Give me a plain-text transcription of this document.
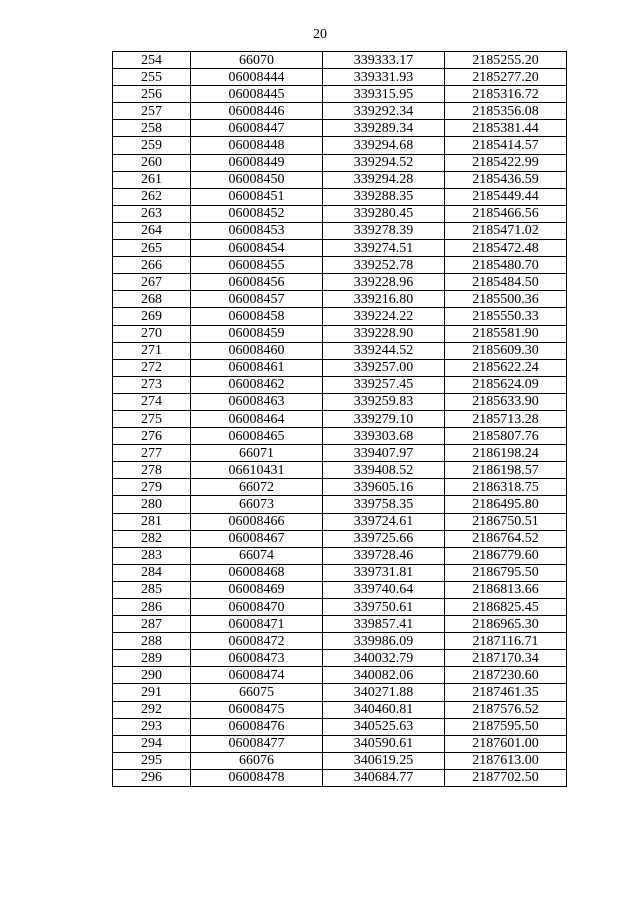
20
254	66070	339333.17	2185255.20
255	06008444	339331.93	2185277.20
256	06008445	339315.95	2185316.72
257	06008446	339292.34	2185356.08
258	06008447	339289.34	2185381.44
259	06008448	339294.68	2185414.57
260	06008449	339294.52	2185422.99
261	06008450	339294.28	2185436.59
262	06008451	339288.35	2185449.44
263	06008452	339280.45	2185466.56
264	06008453	339278.39	2185471.02
265	06008454	339274.51	2185472.48
266	06008455	339252.78	2185480.70
267	06008456	339228.96	2185484.50
268	06008457	339216.80	2185500.36
269	06008458	339224.22	2185550.33
270	06008459	339228.90	2185581.90
271	06008460	339244.52	2185609.30
272	06008461	339257.00	2185622.24
273	06008462	339257.45	2185624.09
274	06008463	339259.83	2185633.90
275	06008464	339279.10	2185713.28
276	06008465	339303.68	2185807.76
277	66071	339407.97	2186198.24
278	06610431	339408.52	2186198.57
279	66072	339605.16	2186318.75
280	66073	339758.35	2186495.80
281	06008466	339724.61	2186750.51
282	06008467	339725.66	2186764.52
283	66074	339728.46	2186779.60
284	06008468	339731.81	2186795.50
285	06008469	339740.64	2186813.66
286	06008470	339750.61	2186825.45
287	06008471	339857.41	2186965.30
288	06008472	339986.09	2187116.71
289	06008473	340032.79	2187170.34
290	06008474	340082.06	2187230.60
291	66075	340271.88	2187461.35
292	06008475	340460.81	2187576.52
293	06008476	340525.63	2187595.50
294	06008477	340590.61	2187601.00
295	66076	340619.25	2187613.00
296	06008478	340684.77	2187702.50
